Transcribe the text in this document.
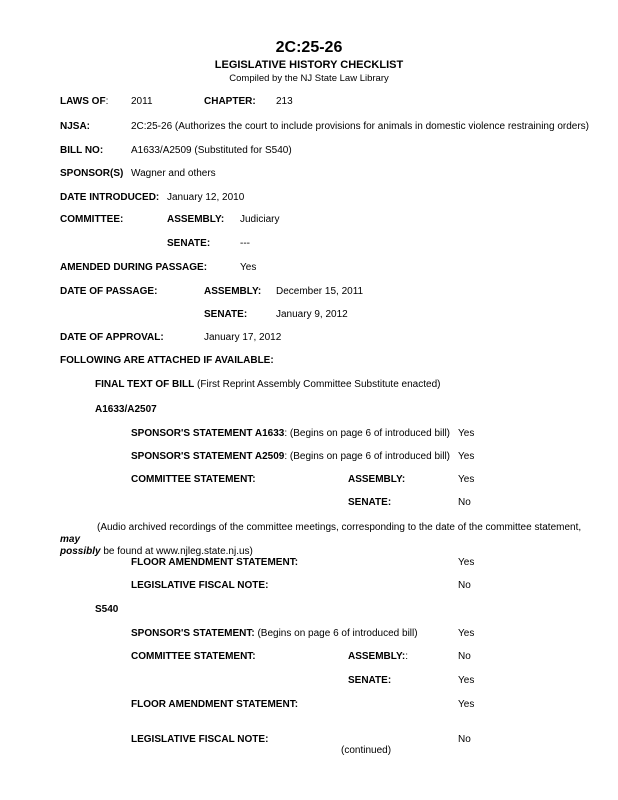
2C:25-26
LEGISLATIVE HISTORY CHECKLIST
Compiled by the NJ State Law Library
LAWS OF: 2011	CHAPTER: 213
NJSA:	2C:25-26 (Authorizes the court to include provisions for animals in domestic violence restraining orders)
BILL NO:	A1633/A2509 (Substituted for S540)
SPONSOR(S) Wagner and others
DATE INTRODUCED: January 12, 2010
COMMITTEE:	ASSEMBLY: Judiciary
SENATE:	---
AMENDED DURING PASSAGE:	Yes
DATE OF PASSAGE:	ASSEMBLY: December 15, 2011
SENATE:	January 9, 2012
DATE OF APPROVAL:	January 17, 2012
FOLLOWING ARE ATTACHED IF AVAILABLE:
FINAL TEXT OF BILL (First Reprint Assembly Committee Substitute enacted)
A1633/A2507
SPONSOR'S STATEMENT A1633: (Begins on page 6 of introduced bill) Yes
SPONSOR'S STATEMENT A2509: (Begins on page 6 of introduced bill) Yes
COMMITTEE STATEMENT:	ASSEMBLY:	Yes
SENATE:	No
(Audio archived recordings of the committee meetings, corresponding to the date of the committee statement, may
possibly be found at www.njleg.state.nj.us)
FLOOR AMENDMENT STATEMENT:	Yes
LEGISLATIVE FISCAL NOTE:	No
S540
SPONSOR'S STATEMENT: (Begins on page 6 of introduced bill)	Yes
COMMITTEE STATEMENT:	ASSEMBLY::	No
SENATE:	Yes
FLOOR AMENDMENT STATEMENT:	Yes
LEGISLATIVE FISCAL NOTE:	No
(continued)
